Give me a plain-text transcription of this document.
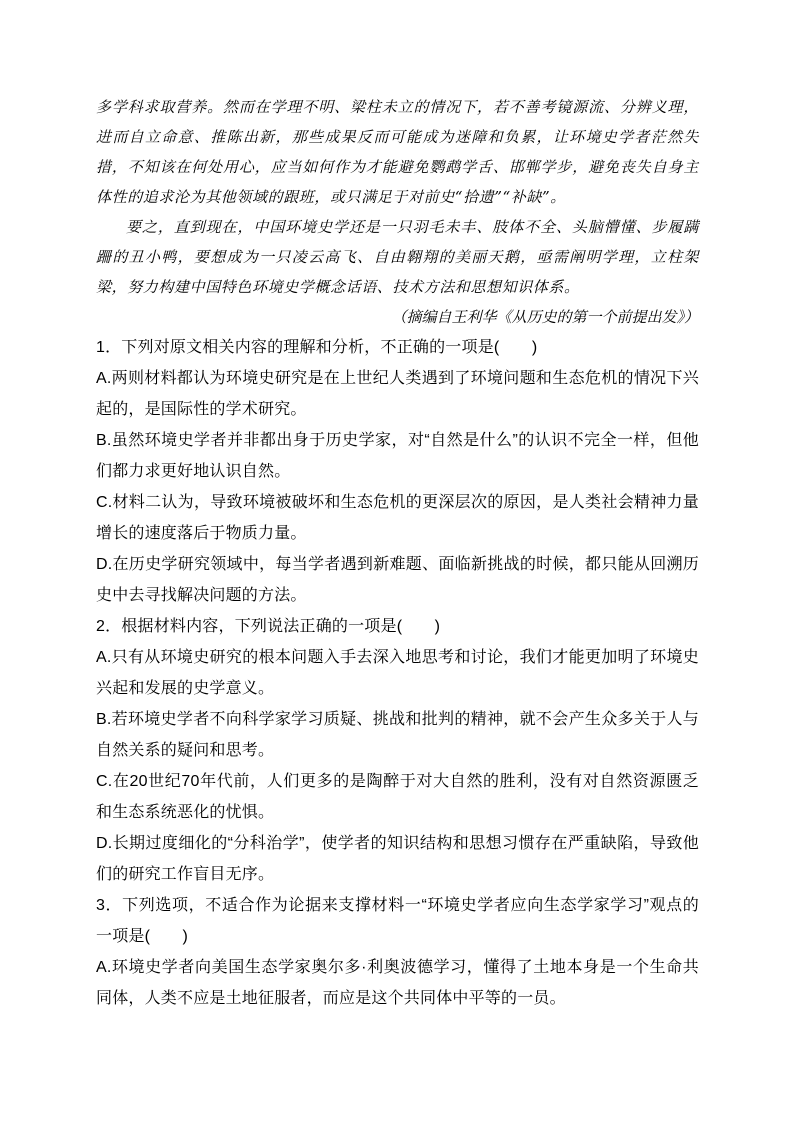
多学科求取营养。然而在学理不明、梁柱未立的情况下，若不善考镜源流、分辨义理，进而自立命意、推陈出新，那些成果反而可能成为迷障和负累，让环境史学者茫然失措，不知该在何处用心，应当如何作为才能避免鹦鹉学舌、邯郸学步，避免丧失自身主体性的追求沦为其他领域的跟班，或只满足于对前史“拾遗”“补缺”。

要之，直到现在，中国环境史学还是一只羽毛未丰、肢体不全、头脑懵懂、步履蹒跚的丑小鸭，要想成为一只凌云高飞、自由翱翔的美丽天鹅，亟需阐明学理，立柱架梁，努力构建中国特色环境史学概念话语、技术方法和思想知识体系。

（摘编自王利华《从历史的第一个前提出发》）

1．下列对原文相关内容的理解和分析，不正确的一项是(　　)

A.两则材料都认为环境史研究是在上世纪人类遇到了环境问题和生态危机的情况下兴起的，是国际性的学术研究。

B.虽然环境史学者并非都出身于历史学家，对“自然是什么”的认识不完全一样，但他们都力求更好地认识自然。

C.材料二认为，导致环境被破坏和生态危机的更深层次的原因，是人类社会精神力量增长的速度落后于物质力量。

D.在历史学研究领域中，每当学者遇到新难题、面临新挑战的时候，都只能从回溯历史中去寻找解决问题的方法。

2．根据材料内容，下列说法正确的一项是(　　)

A.只有从环境史研究的根本问题入手去深入地思考和讨论，我们才能更加明了环境史兴起和发展的史学意义。

B.若环境史学者不向科学家学习质疑、挑战和批判的精神，就不会产生众多关于人与自然关系的疑问和思考。

C.在20世纪70年代前，人们更多的是陶醉于对大自然的胜利，没有对自然资源匮乏和生态系统恶化的忧惧。

D.长期过度细化的“分科治学”，使学者的知识结构和思想习惯存在严重缺陷，导致他们的研究工作盲目无序。

3．下列选项，不适合作为论据来支撑材料一“环境史学者应向生态学家学习”观点的一项是(　　)

A.环境史学者向美国生态学家奥尔多·利奥波德学习，懂得了土地本身是一个生命共同体，人类不应是土地征服者，而应是这个共同体中平等的一员。
